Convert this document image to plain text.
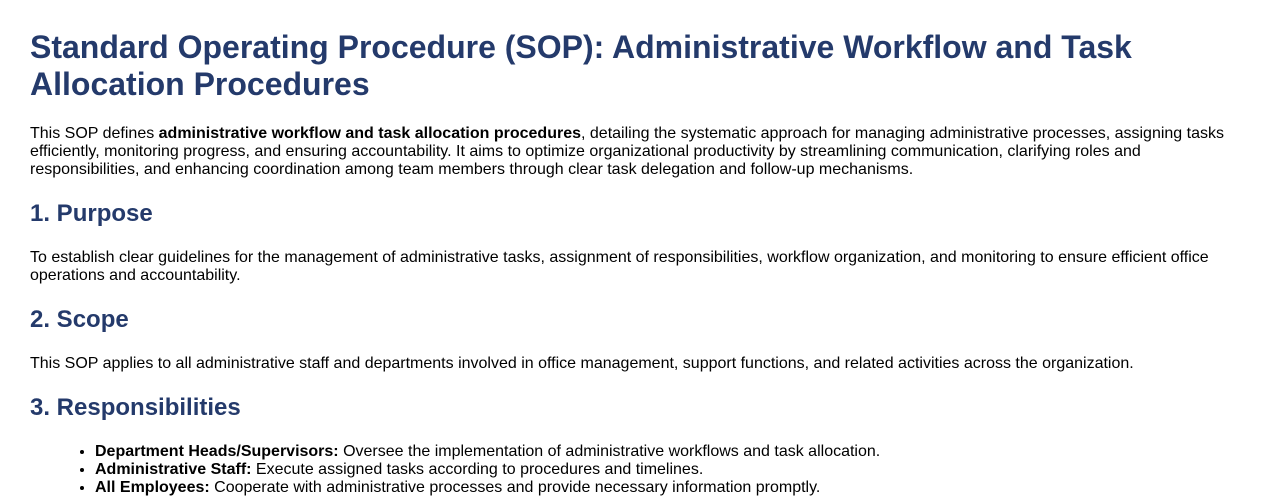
Standard Operating Procedure (SOP): Administrative Workflow and Task Allocation Procedures

This SOP defines administrative workflow and task allocation procedures, detailing the systematic approach for managing administrative processes, assigning tasks efficiently, monitoring progress, and ensuring accountability. It aims to optimize organizational productivity by streamlining communication, clarifying roles and responsibilities, and enhancing coordination among team members through clear task delegation and follow-up mechanisms.

1. Purpose

To establish clear guidelines for the management of administrative tasks, assignment of responsibilities, workflow organization, and monitoring to ensure efficient office operations and accountability.

2. Scope

This SOP applies to all administrative staff and departments involved in office management, support functions, and related activities across the organization.

3. Responsibilities
• Department Heads/Supervisors: Oversee the implementation of administrative workflows and task allocation.
• Administrative Staff: Execute assigned tasks according to procedures and timelines.
• All Employees: Cooperate with administrative processes and provide necessary information promptly.
